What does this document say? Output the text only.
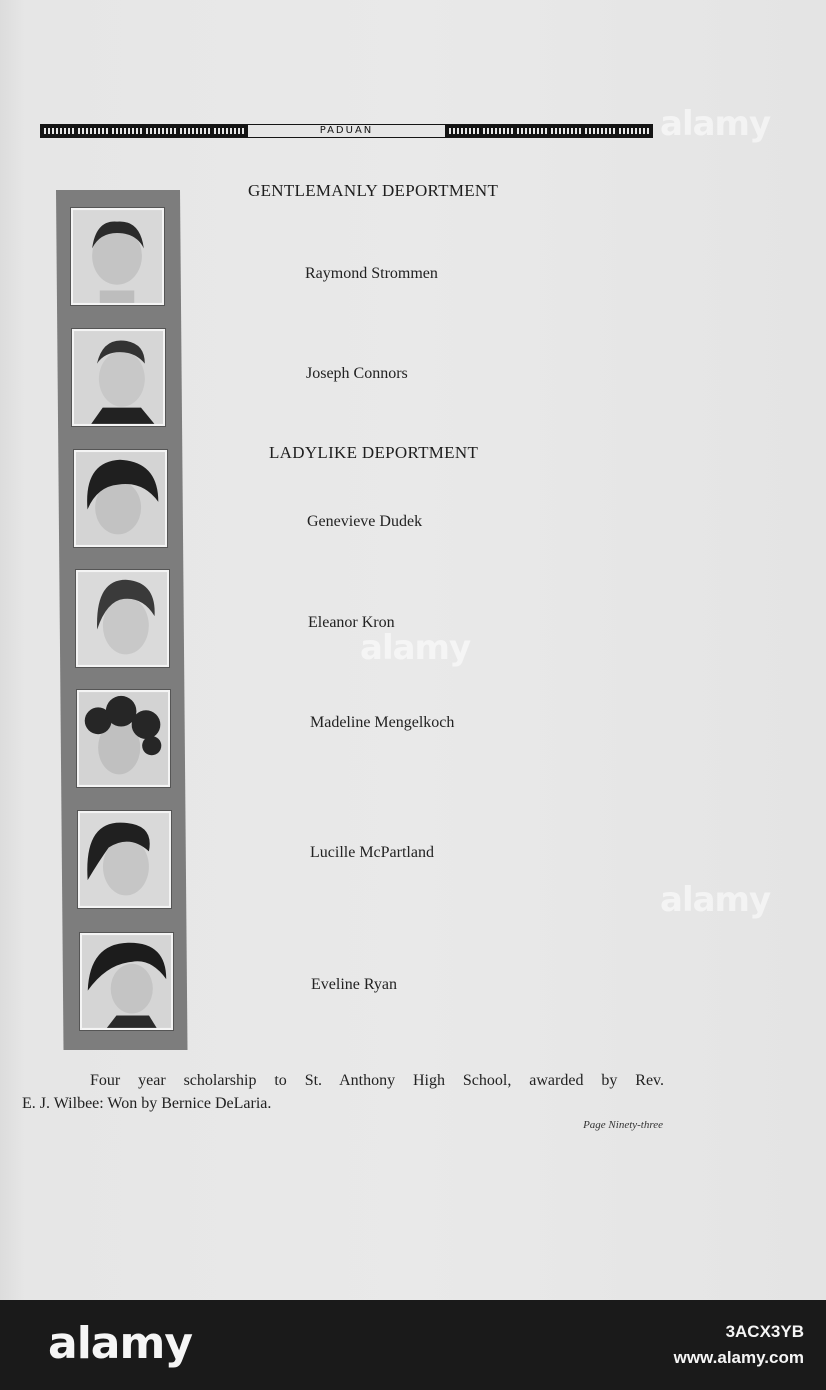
PADUAN
GENTLEMANLY DEPORTMENT
Raymond Strommen
Joseph Connors
LADYLIKE DEPORTMENT
Genevieve Dudek
Eleanor Kron
Madeline Mengelkoch
Lucille McPartland
Eveline Ryan
Four year scholarship to St. Anthony High School, awarded by Rev.
E. J. Wilbee: Won by Bernice DeLaria.
Page Ninety-three
alamy
alamy
alamy
alamy	3ACX3YB
www.alamy.com
